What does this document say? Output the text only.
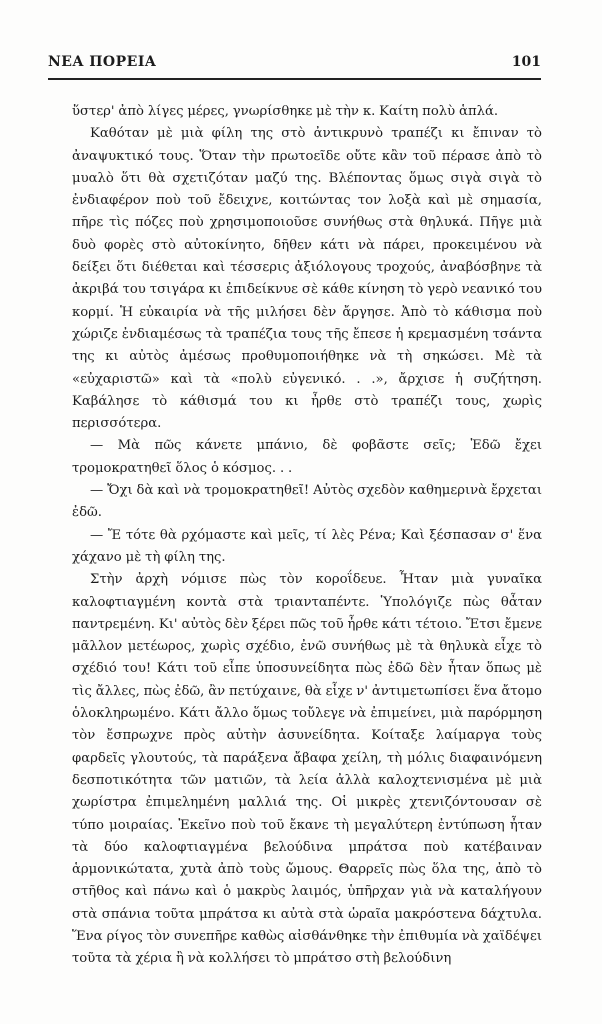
ΝΕΑ ΠΟΡΕΙΑ	101

ὕστερ' ἀπὸ λίγες μέρες, γνωρίσθηκε μὲ τὴν κ. Καίτη πολὺ ἁπλά.

Καθόταν μὲ μιὰ φίλη της στὸ ἀντικρυνὸ τραπέζι κι ἔπιναν τὸ ἀναψυκτικό τους. Ὅταν τὴν πρωτοεῖδε οὔτε κἂν τοῦ πέρασε ἀπὸ τὸ μυαλὸ ὅτι θὰ σχετιζόταν μαζύ της. Βλέποντας ὅμως σιγὰ σιγὰ τὸ ἐνδιαφέρον ποὺ τοῦ ἔδειχνε, κοιτώντας τον λοξὰ καὶ μὲ σημασία, πῆρε τὶς πόζες ποὺ χρησιμοποιοῦσε συνήθως στὰ θηλυκά. Πῆγε μιὰ δυὸ φορὲς στὸ αὐτοκίνητο, δῆθεν κάτι νὰ πάρει, προκειμένου νὰ δείξει ὅτι διέθεται καὶ τέσσερις ἀξιόλογους τροχούς, ἀναβόσβηνε τὰ ἀκριβά του τσιγάρα κι ἐπιδείκνυε σὲ κάθε κίνηση τὸ γερὸ νεανικό του κορμί. Ἡ εὐκαιρία νὰ τῆς μιλήσει δὲν ἄργησε. Ἀπὸ τὸ κάθισμα ποὺ χώριζε ἐνδιαμέσως τὰ τραπέζια τους τῆς ἔπεσε ἡ κρεμασμένη τσάντα της κι αὐτὸς ἀμέσως προθυμοποιήθηκε νὰ τὴ σηκώσει. Μὲ τὰ «εὐχαριστῶ» καὶ τὰ «πολὺ εὐγενικό. . .», ἄρχισε ἡ συζήτηση. Καβάλησε τὸ κάθισμά του κι ἦρθε στὸ τραπέζι τους, χωρὶς περισσότερα.

— Μὰ πῶς κάνετε μπάνιο, δὲ φοβᾶστε σεῖς; Ἐδῶ ἔχει τρομοκρατηθεῖ ὅλος ὁ κόσμος. . .

— Ὄχι δὰ καὶ νὰ τρομοκρατηθεῖ! Αὐτὸς σχεδὸν καθημερινὰ ἔρχεται ἐδῶ.

— Ἔ τότε θὰ ρχόμαστε καὶ μεῖς, τί λὲς Ρένα; Καὶ ξέσπασαν σ' ἕνα χάχανο μὲ τὴ φίλη της.

Στὴν ἀρχὴ νόμισε πὼς τὸν κοροΐδευε. Ἦταν μιὰ γυναῖκα καλοφτιαγμένη κοντὰ στὰ τριανταπέντε. Ὑπολόγιζε πὼς θἆταν παντρεμένη. Κι' αὐτὸς δὲν ξέρει πῶς τοῦ ἦρθε κάτι τέτοιο. Ἔτσι ἔμενε μᾶλλον μετέωρος, χωρὶς σχέδιο, ἐνῶ συνήθως μὲ τὰ θηλυκὰ εἶχε τὸ σχέδιό του! Κάτι τοῦ εἶπε ὑποσυνείδητα πὼς ἐδῶ δὲν ἦταν ὅπως μὲ τὶς ἄλλες, πὼς ἐδῶ, ἂν πετύχαινε, θὰ εἶχε ν' ἀντιμετωπίσει ἕνα ἄτομο ὁλοκληρωμένο. Κάτι ἄλλο ὅμως τοὔλεγε νὰ ἐπιμείνει, μιὰ παρόρμηση τὸν ἔσπρωχνε πρὸς αὐτὴν ἀσυνείδητα. Κοίταξε λαίμαργα τοὺς φαρδεῖς γλουτούς, τὰ παράξενα ἄβαφα χείλη, τὴ μόλις διαφαινόμενη δεσποτικότητα τῶν ματιῶν, τὰ λεία ἀλλὰ καλοχτενισμένα μὲ μιὰ χωρίστρα ἐπιμελημένη μαλλιά της. Οἱ μικρὲς χτενιζόντουσαν σὲ τύπο μοιραίας. Ἐκεῖνο ποὺ τοῦ ἔκανε τὴ μεγαλύτερη ἐντύπωση ἦταν τὰ δύο καλοφτιαγμένα βελούδινα μπράτσα ποὺ κατέβαιναν ἁρμονικώτατα, χυτὰ ἀπὸ τοὺς ὤμους. Θαρρεῖς πὼς ὅλα της, ἀπὸ τὸ στῆθος καὶ πάνω καὶ ὁ μακρὺς λαιμός, ὑπῆρχαν γιὰ νὰ καταλήγουν στὰ σπάνια τοῦτα μπράτσα κι αὐτὰ στὰ ὡραῖα μακρόστενα δάχτυλα. Ἕνα ρίγος τὸν συνεπῆρε καθὼς αἰσθάνθηκε τὴν ἐπιθυμία νὰ χαϊδέψει τοῦτα τὰ χέρια ἢ νὰ κολλήσει τὸ μπράτσο στὴ βελούδινη
